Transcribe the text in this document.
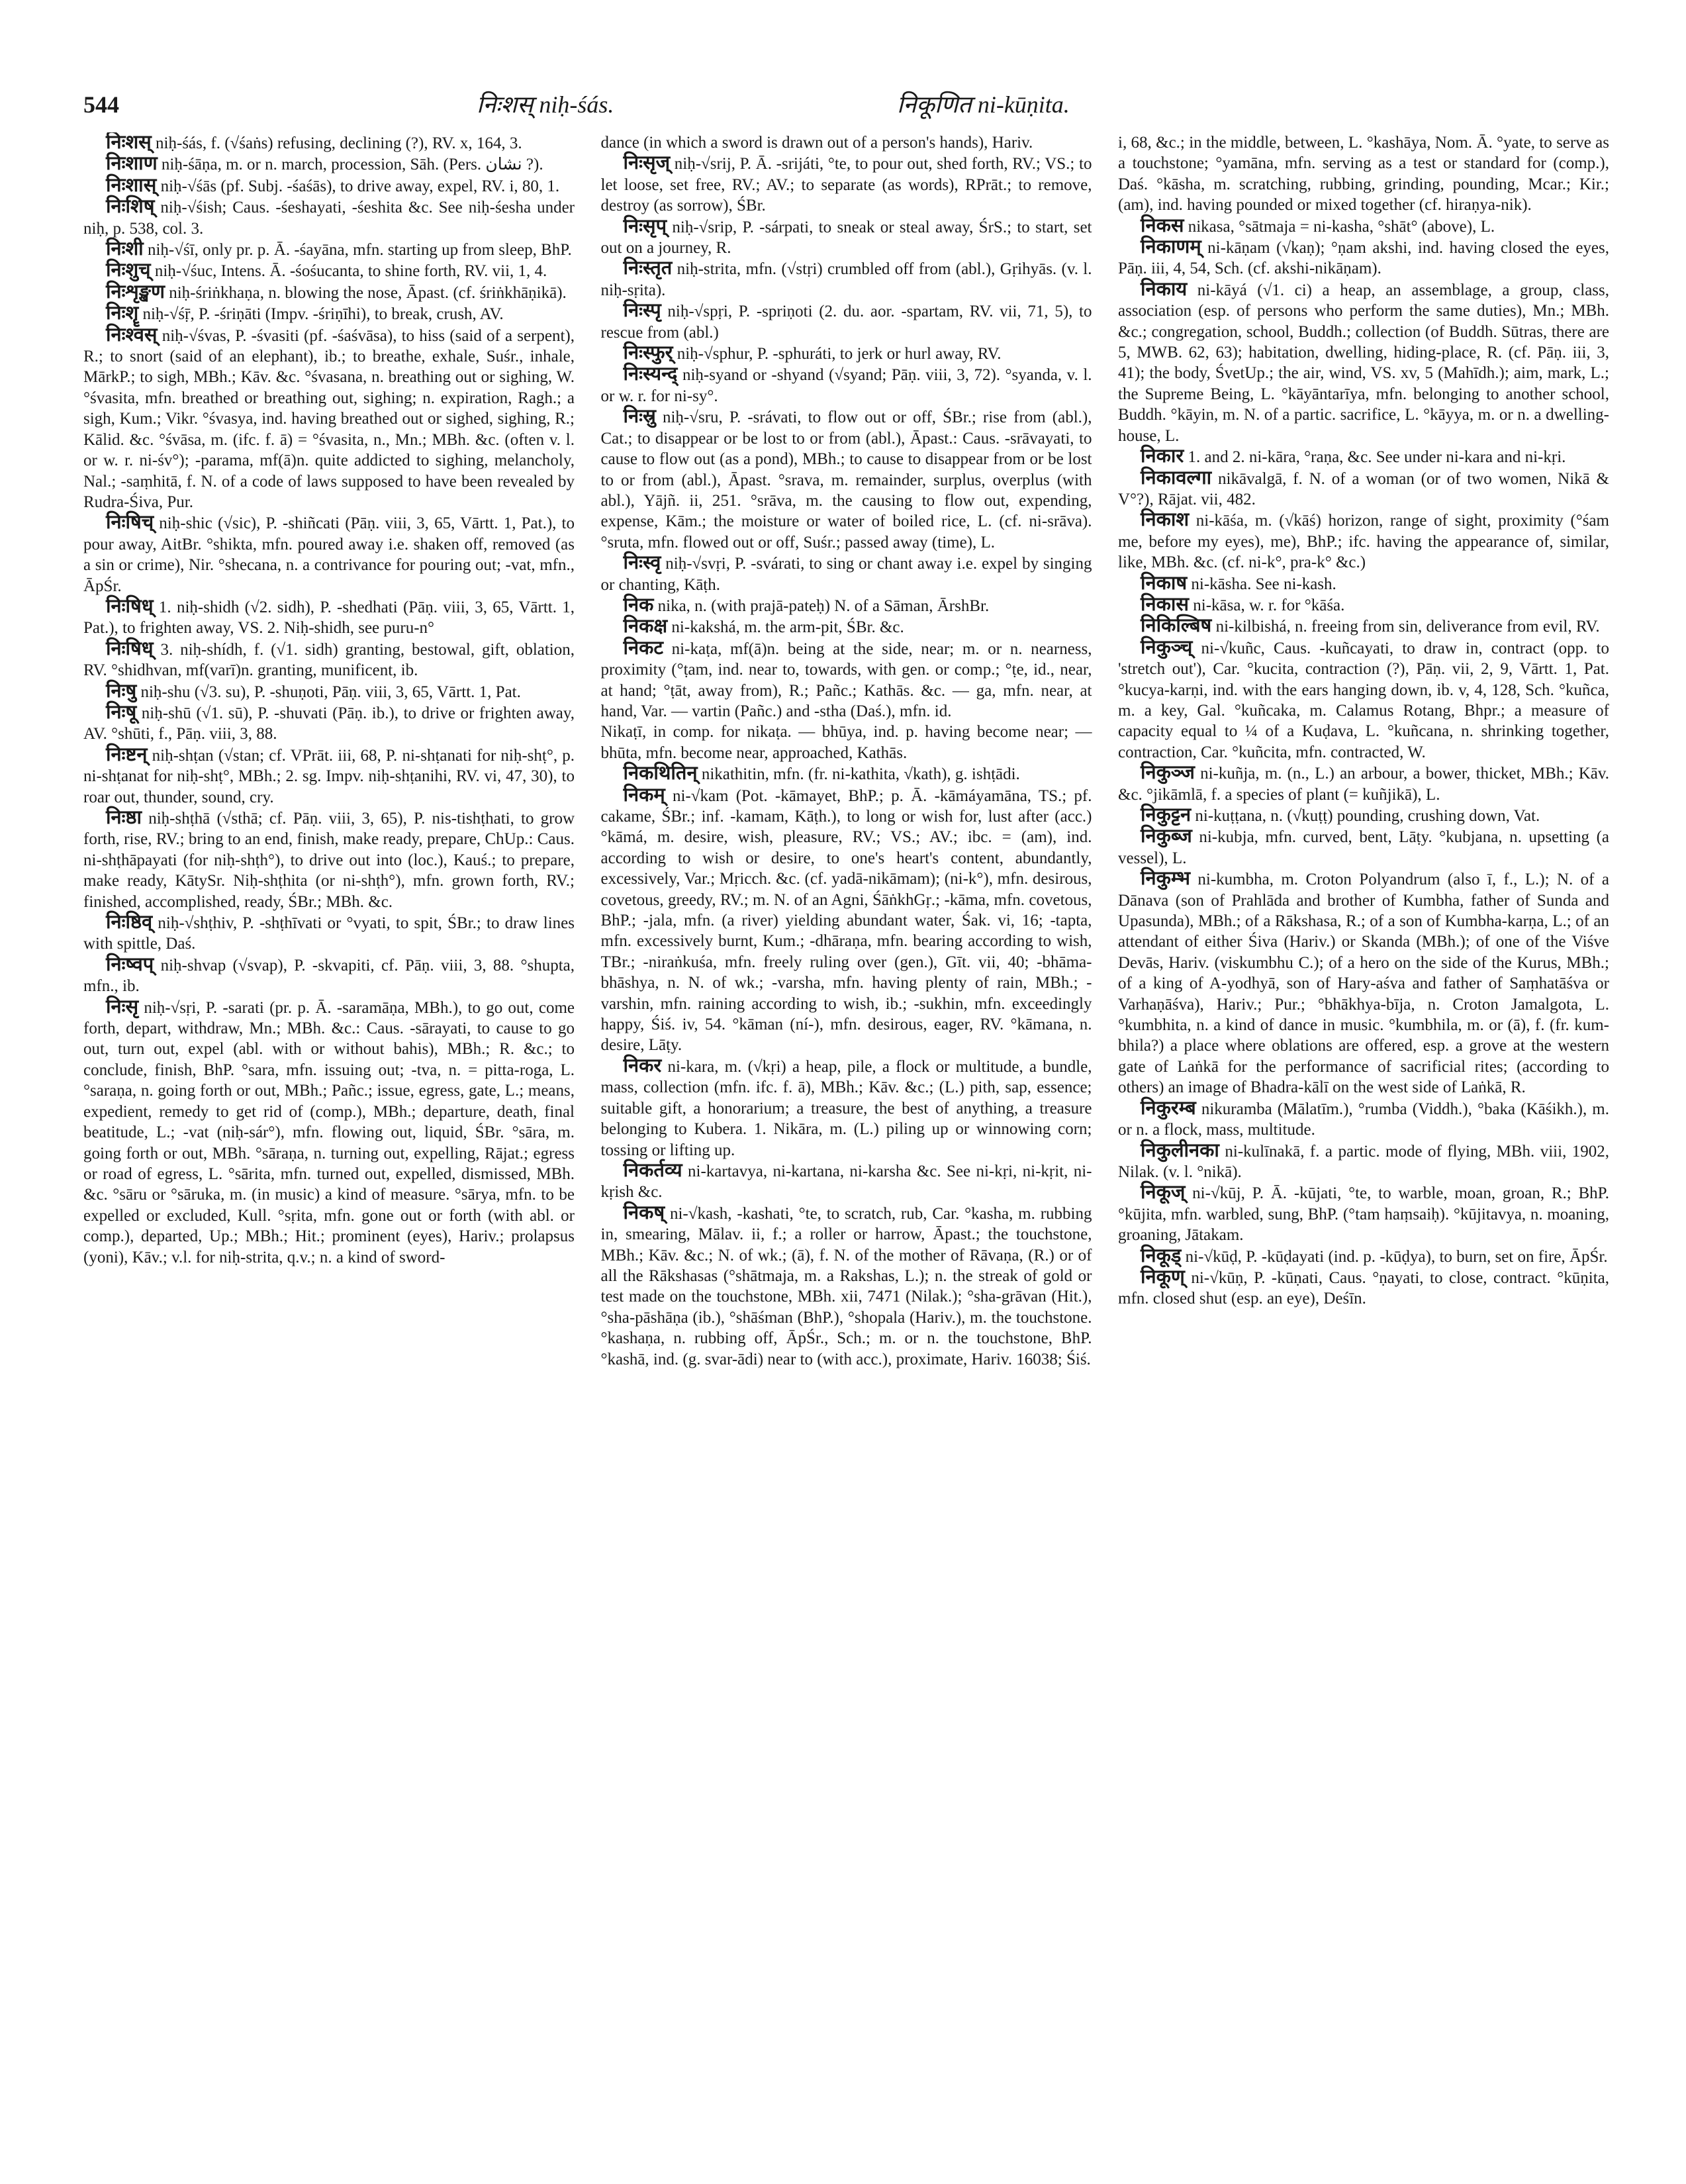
544	निःशस् niḥ-śás.	निकूणित ni-kūṇita.

निःशस् niḥ-śás, f. (√śaṅs) refusing, declining (?), RV. x, 164, 3.

निःशाण niḥ-śāṇa, m. or n. march, procession, Sāh. (Pers. نشان ?).

निःशास् niḥ-√śās (pf. Subj. -śaśās), to drive away, expel, RV. i, 80, 1.

निःशिष् niḥ-√śish; Caus. -śeshayati, -śeshita &c. See niḥ-śesha under niḥ, p. 538, col. 3.

निःशी niḥ-√śī, only pr. p. Ā. -śayāna, mfn. starting up from sleep, BhP.

निःशुच् niḥ-√śuc, Intens. Ā. -śośucanta, to shine forth, RV. vii, 1, 4.

निःशृङ्खण niḥ-śriṅkhaṇa, n. blowing the nose, Āpast. (cf. śriṅkhāṇikā).

निःशॄ niḥ-√śṝ, P. -śriṇāti (Impv. -śriṇīhi), to break, crush, AV.

निःश्वस् niḥ-√śvas, P. -śvasiti (pf. -śaśvāsa), to hiss (said of a serpent), R.; to snort (said of an elephant), ib.; to breathe, exhale, Suśr., inhale, MārkP.; to sigh, MBh.; Kāv. &c. °śvasana, n. breathing out or sighing, W. °śvasita, mfn. breathed or breathing out, sighing; n. expiration, Ragh.; a sigh, Kum.; Vikr. °śvasya, ind. having breathed out or sighed, sighing, R.; Kālid. &c. °śvāsa, m. (ifc. f. ā) = °śvasita, n., Mn.; MBh. &c. (often v. l. or w. r. ni-śv°); -parama, mf(ā)n. quite addicted to sighing, melancholy, Nal.; -saṃhitā, f. N. of a code of laws supposed to have been revealed by Rudra-Śiva, Pur.

निःषिच् niḥ-shic (√sic), P. -shiñcati (Pāṇ. viii, 3, 65, Vārtt. 1, Pat.), to pour away, AitBr. °shikta, mfn. poured away i.e. shaken off, removed (as a sin or crime), Nir. °shecana, n. a contrivance for pouring out; -vat, mfn., ĀpŚr.

निःषिध् 1. niḥ-shidh (√2. sidh), P. -shedhati (Pāṇ. viii, 3, 65, Vārtt. 1, Pat.), to frighten away, VS. 2. Niḥ-shidh, see puru-n°

निःषिध् 3. niḥ-shídh, f. (√1. sidh) granting, bestowal, gift, oblation, RV. °shidhvan, mf(varī)n. granting, munificent, ib.

निःषु niḥ-shu (√3. su), P. -shuṇoti, Pāṇ. viii, 3, 65, Vārtt. 1, Pat.

निःषू niḥ-shū (√1. sū), P. -shuvati (Pāṇ. ib.), to drive or frighten away, AV. °shūti, f., Pāṇ. viii, 3, 88.

निःष्टन् niḥ-shṭan (√stan; cf. VPrāt. iii, 68, P. ni-shṭanati for niḥ-shṭ°, p. ni-shṭanat for niḥ-shṭ°, MBh.; 2. sg. Impv. niḥ-shṭanihi, RV. vi, 47, 30), to roar out, thunder, sound, cry.

निःष्ठा niḥ-shṭhā (√sthā; cf. Pāṇ. viii, 3, 65), P. nis-tishṭhati, to grow forth, rise, RV.; bring to an end, finish, make ready, prepare, ChUp.: Caus. ni-shṭhāpayati (for niḥ-shṭh°), to drive out into (loc.), Kauś.; to prepare, make ready, KātySr. Niḥ-shṭhita (or ni-shṭh°), mfn. grown forth, RV.; finished, accomplished, ready, ŚBr.; MBh. &c.

निःष्ठिव् niḥ-√shṭhiv, P. -shṭhīvati or °vyati, to spit, ŚBr.; to draw lines with spittle, Daś.

निःष्वप् niḥ-shvap (√svap), P. -skvapiti, cf. Pāṇ. viii, 3, 88. °shupta, mfn., ib.

निःसृ niḥ-√sṛi, P. -sarati (pr. p. Ā. -saramāṇa, MBh.), to go out, come forth, depart, withdraw, Mn.; MBh. &c.: Caus. -sārayati, to cause to go out, turn out, expel (abl. with or without bahis), MBh.; R. &c.; to conclude, finish, BhP. °sara, mfn. issuing out; -tva, n. = pitta-roga, L. °saraṇa, n. going forth or out, MBh.; Pañc.; issue, egress, gate, L.; means, expedient, remedy to get rid of (comp.), MBh.; departure, death, final beatitude, L.; -vat (niḥ-sár°), mfn. flowing out, liquid, ŚBr. °sāra, m. going forth or out, MBh. °sāraṇa, n. turning out, expelling, Rājat.; egress or road of egress, L. °sārita, mfn. turned out, expelled, dismissed, MBh. &c. °sāru or °sāruka, m. (in music) a kind of measure. °sārya, mfn. to be expelled or excluded, Kull. °sṛita, mfn. gone out or forth (with abl. or comp.), departed, Up.; MBh.; Hit.; prominent (eyes), Hariv.; prolapsus (yoni), Kāv.; v.l. for niḥ-strita, q.v.; n. a kind of sword-

dance (in which a sword is drawn out of a person's hands), Hariv.

निःसृज् niḥ-√srij, P. Ā. -srijáti, °te, to pour out, shed forth, RV.; VS.; to let loose, set free, RV.; AV.; to separate (as words), RPrāt.; to remove, destroy (as sorrow), ŚBr.

निःसृप् niḥ-√srip, P. -sárpati, to sneak or steal away, ŚrS.; to start, set out on a journey, R.

निःस्तृत niḥ-strita, mfn. (√stṛi) crumbled off from (abl.), Gṛihyās. (v. l. niḥ-sṛita).

निःस्पृ niḥ-√spṛi, P. -spriṇoti (2. du. aor. -spartam, RV. vii, 71, 5), to rescue from (abl.)

निःस्फुर् niḥ-√sphur, P. -sphuráti, to jerk or hurl away, RV.

निःस्यन्द् niḥ-syand or -shyand (√syand; Pāṇ. viii, 3, 72). °syanda, v. l. or w. r. for ni-sy°.

निःस्रु niḥ-√sru, P. -srávati, to flow out or off, ŚBr.; rise from (abl.), Cat.; to disappear or be lost to or from (abl.), Āpast.: Caus. -srāvayati, to cause to flow out (as a pond), MBh.; to cause to disappear from or be lost to or from (abl.), Āpast. °srava, m. remainder, surplus, overplus (with abl.), Yājñ. ii, 251. °srāva, m. the causing to flow out, expending, expense, Kām.; the moisture or water of boiled rice, L. (cf. ni-srāva). °sruta, mfn. flowed out or off, Suśr.; passed away (time), L.

निःस्वृ niḥ-√svṛi, P. -svárati, to sing or chant away i.e. expel by singing or chanting, Kāṭh.

निक nika, n. (with prajā-pateḥ) N. of a Sāman, ĀrshBr.

निकक्ष ni-kakshá, m. the arm-pit, ŚBr. &c.

निकट ni-kaṭa, mf(ā)n. being at the side, near; m. or n. nearness, proximity (°ṭam, ind. near to, towards, with gen. or comp.; °ṭe, id., near, at hand; °ṭāt, away from), R.; Pañc.; Kathās. &c. — ga, mfn. near, at hand, Var. — vartin (Pañc.) and -stha (Daś.), mfn. id.

Nikaṭī, in comp. for nikaṭa. — bhūya, ind. p. having become near; — bhūta, mfn. become near, approached, Kathās.

निकथितिन् nikathitin, mfn. (fr. ni-kathita, √kath), g. ishṭādi.

निकम् ni-√kam (Pot. -kāmayet, BhP.; p. Ā. -kāmáyamāna, TS.; pf. cakame, ŚBr.; inf. -kamam, Kāṭh.), to long or wish for, lust after (acc.) °kāmá, m. desire, wish, pleasure, RV.; VS.; AV.; ibc. = (am), ind. according to wish or desire, to one's heart's content, abundantly, excessively, Var.; Mṛicch. &c. (cf. yadā-nikāmam); (ni-k°), mfn. desirous, covetous, greedy, RV.; m. N. of an Agni, ŚāṅkhGṛ.; -kāma, mfn. covetous, BhP.; -jala, mfn. (a river) yielding abundant water, Śak. vi, 16; -tapta, mfn. excessively burnt, Kum.; -dhāraṇa, mfn. bearing according to wish, TBr.; -niraṅkuśa, mfn. freely ruling over (gen.), Gīt. vii, 40; -bhāma-bhāshya, n. N. of wk.; -varsha, mfn. having plenty of rain, MBh.; -varshin, mfn. raining according to wish, ib.; -sukhin, mfn. exceedingly happy, Śiś. iv, 54. °kāman (ní-), mfn. desirous, eager, RV. °kāmana, n. desire, Lāṭy.

निकर ni-kara, m. (√kṛi) a heap, pile, a flock or multitude, a bundle, mass, collection (mfn. ifc. f. ā), MBh.; Kāv. &c.; (L.) pith, sap, essence; suitable gift, a honorarium; a treasure, the best of anything, a treasure belonging to Kubera. 1. Nikāra, m. (L.) piling up or winnowing corn; tossing or lifting up.

निकर्तव्य ni-kartavya, ni-kartana, ni-karsha &c. See ni-kṛi, ni-kṛit, ni-kṛish &c.

निकष् ni-√kash, -kashati, °te, to scratch, rub, Car. °kasha, m. rubbing in, smearing, Mālav. ii, f.; a roller or harrow, Āpast.; the touchstone, MBh.; Kāv. &c.; N. of wk.; (ā), f. N. of the mother of Rāvaṇa, (R.) or of all the Rākshasas (°shātmaja, m. a Rakshas, L.); n. the streak of gold or test made on the touchstone, MBh. xii, 7471 (Nilak.); °sha-grāvan (Hit.), °sha-pāshāṇa (ib.), °shāśman (BhP.), °shopala (Hariv.), m. the touchstone. °kashaṇa, n. rubbing off, ĀpŚr., Sch.; m. or n. the touchstone, BhP. °kashā, ind. (g. svar-ādi) near to (with acc.), proximate, Hariv. 16038; Śiś.

i, 68, &c.; in the middle, between, L. °kashāya, Nom. Ā. °yate, to serve as a touchstone; °yamāna, mfn. serving as a test or standard for (comp.), Daś. °kāsha, m. scratching, rubbing, grinding, pounding, Mcar.; Kir.; (am), ind. having pounded or mixed together (cf. hiraṇya-nik).

निकस nikasa, °sātmaja = ni-kasha, °shāt° (above), L.

निकाणम् ni-kāṇam (√kaṇ); °ṇam akshi, ind. having closed the eyes, Pāṇ. iii, 4, 54, Sch. (cf. akshi-nikāṇam).

निकाय ni-kāyá (√1. ci) a heap, an assemblage, a group, class, association (esp. of persons who perform the same duties), Mn.; MBh. &c.; congregation, school, Buddh.; collection (of Buddh. Sūtras, there are 5, MWB. 62, 63); habitation, dwelling, hiding-place, R. (cf. Pāṇ. iii, 3, 41); the body, ŚvetUp.; the air, wind, VS. xv, 5 (Mahīdh.); aim, mark, L.; the Supreme Being, L. °kāyāntarīya, mfn. belonging to another school, Buddh. °kāyin, m. N. of a partic. sacrifice, L. °kāyya, m. or n. a dwelling-house, L.

निकार 1. and 2. ni-kāra, °raṇa, &c. See under ni-kara and ni-kṛi.

निकावल्गा nikāvalgā, f. N. of a woman (or of two women, Nikā & V°?), Rājat. vii, 482.

निकाश ni-kāśa, m. (√kāś) horizon, range of sight, proximity (°śam me, before my eyes), me), BhP.; ifc. having the appearance of, similar, like, MBh. &c. (cf. ni-k°, pra-k° &c.)

निकाष ni-kāsha. See ni-kash.

निकास ni-kāsa, w. r. for °kāśa.

निकिल्बिष ni-kilbishá, n. freeing from sin, deliverance from evil, RV.

निकुञ्च् ni-√kuñc, Caus. -kuñcayati, to draw in, contract (opp. to 'stretch out'), Car. °kucita, contraction (?), Pāṇ. vii, 2, 9, Vārtt. 1, Pat. °kucya-karṇi, ind. with the ears hanging down, ib. v, 4, 128, Sch. °kuñca, m. a key, Gal. °kuñcaka, m. Calamus Rotang, Bhpr.; a measure of capacity equal to ¼ of a Kuḍava, L. °kuñcana, n. shrinking together, contraction, Car. °kuñcita, mfn. contracted, W.

निकुञ्ज ni-kuñja, m. (n., L.) an arbour, a bower, thicket, MBh.; Kāv. &c. °jikāmlā, f. a species of plant (= kuñjikā), L.

निकुट्टन ni-kuṭṭana, n. (√kuṭṭ) pounding, crushing down, Vat.

निकुब्ज ni-kubja, mfn. curved, bent, Lāṭy. °kubjana, n. upsetting (a vessel), L.

निकुम्भ ni-kumbha, m. Croton Polyandrum (also ī, f., L.); N. of a Dānava (son of Prahlāda and brother of Kumbha, father of Sunda and Upasunda), MBh.; of a Rākshasa, R.; of a son of Kumbha-karṇa, L.; of an attendant of either Śiva (Hariv.) or Skanda (MBh.); of one of the Viśve Devās, Hariv. (viskumbhu C.); of a hero on the side of the Kurus, MBh.; of a king of A-yodhyā, son of Hary-aśva and father of Saṃhatāśva or Varhaṇāśva), Hariv.; Pur.; °bhākhya-bīja, n. Croton Jamalgota, L. °kumbhita, n. a kind of dance in music. °kumbhila, m. or (ā), f. (fr. kum-bhila?) a place where oblations are offered, esp. a grove at the western gate of Laṅkā for the performance of sacrificial rites; (according to others) an image of Bhadra-kālī on the west side of Laṅkā, R.

निकुरम्ब nikuramba (Mālatīm.), °rumba (Viddh.), °baka (Kāśikh.), m. or n. a flock, mass, multitude.

निकुलीनका ni-kulīnakā, f. a partic. mode of flying, MBh. viii, 1902, Nilak. (v. l. °nikā).

निकूज् ni-√kūj, P. Ā. -kūjati, °te, to warble, moan, groan, R.; BhP. °kūjita, mfn. warbled, sung, BhP. (°tam haṃsaiḥ). °kūjitavya, n. moaning, groaning, Jātakam.

निकूड् ni-√kūḍ, P. -kūḍayati (ind. p. -kūḍya), to burn, set on fire, ĀpŚr.

निकूण् ni-√kūṇ, P. -kūṇati, Caus. °ṇayati, to close, contract. °kūṇita, mfn. closed shut (esp. an eye), Deśīn.
